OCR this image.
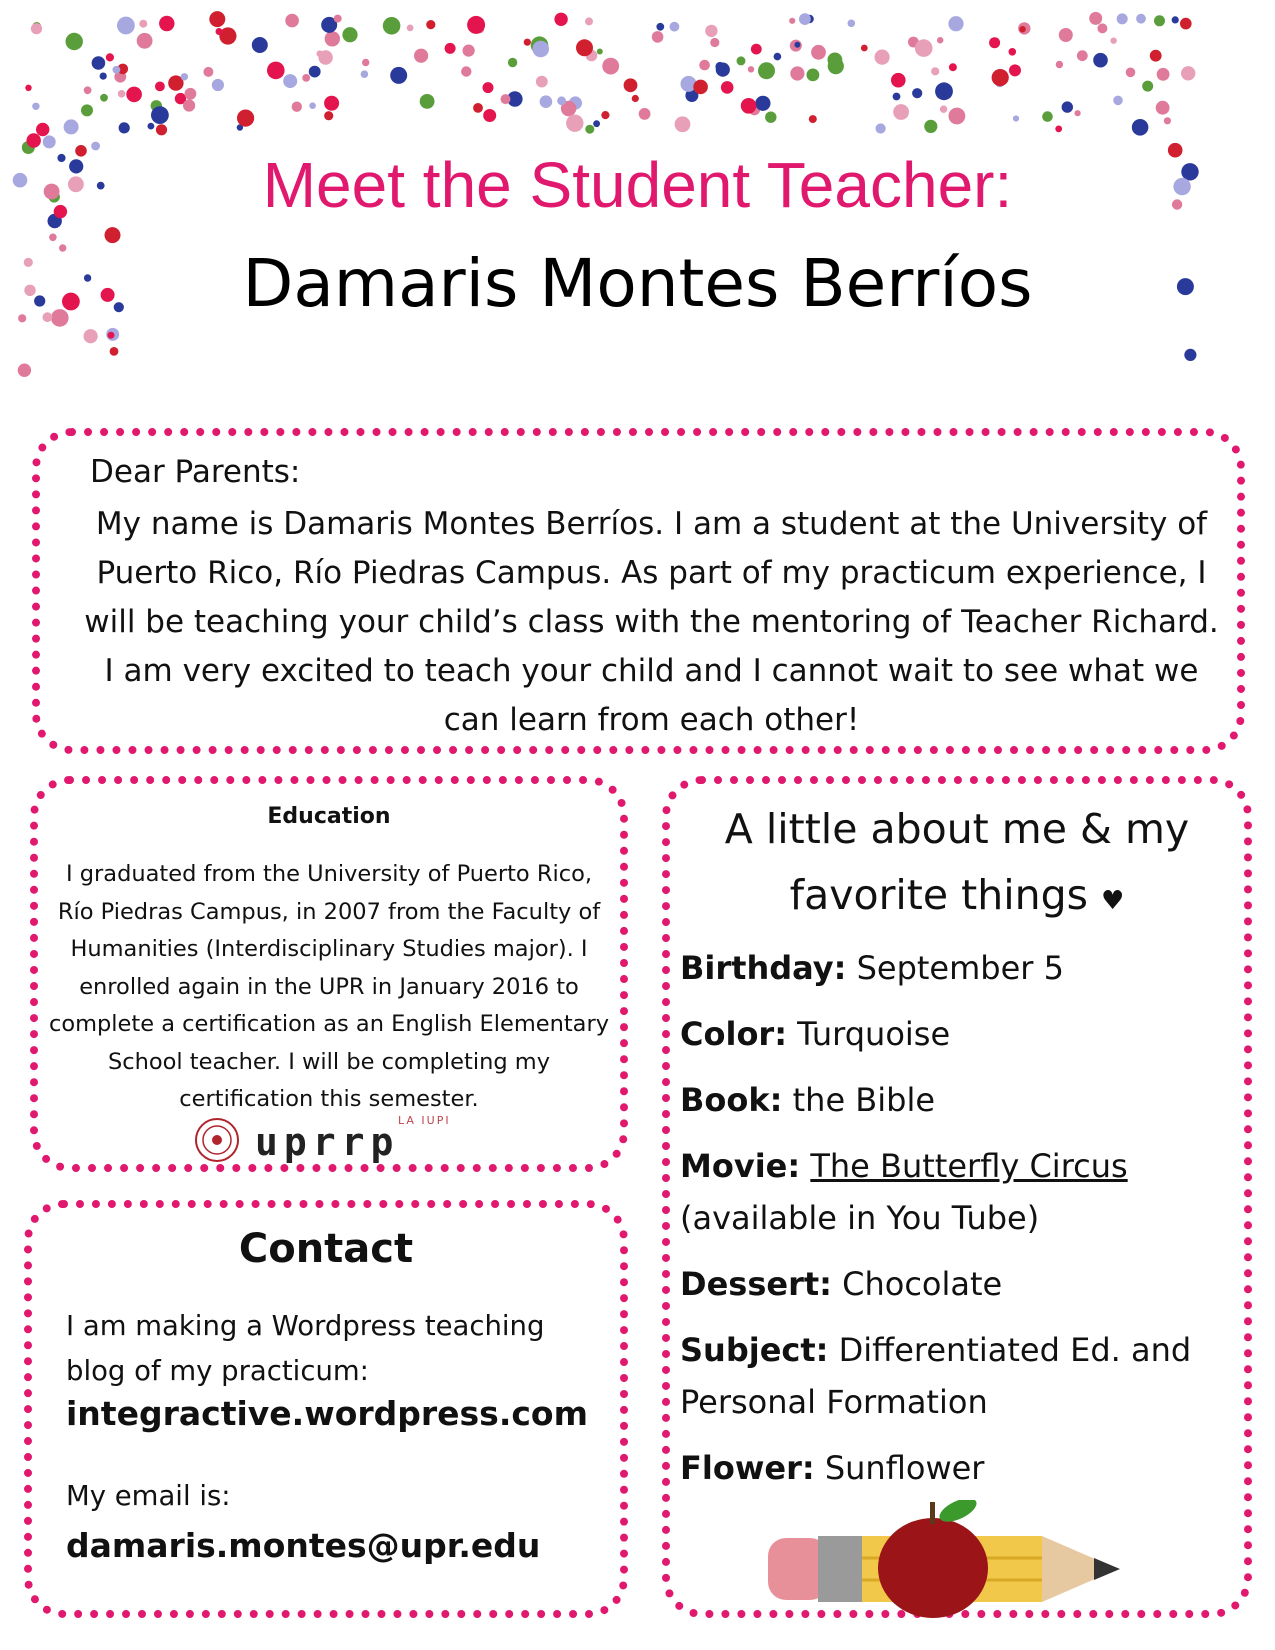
Meet the Student Teacher:
Damaris Montes Berríos
Dear Parents:
My name is Damaris Montes Berríos. I am a student at the University of Puerto Rico, Río Piedras Campus. As part of my practicum experience, I will be teaching your child’s class with the mentoring of Teacher Richard. I am very excited to teach your child and I cannot wait to see what we can learn from each other!
Education
I graduated from the University of Puerto Rico, Río Piedras Campus, in 2007 from the Faculty of Humanities (Interdisciplinary Studies major). I enrolled again in the UPR in January 2016 to complete a certification as an English Elementary School teacher. I will be completing my certification this semester.
LA IUPI
uprrp
Contact
I am making a Wordpress teaching blog of my practicum:
integractive.wordpress.com
My email is:
damaris.montes@upr.edu
A little about me & my
favorite things ♥
Birthday: September 5
Color: Turquoise
Book: the Bible
Movie: The Butterfly Circus
(available in You Tube)
Dessert: Chocolate
Subject: Differentiated Ed. and
Personal Formation
Flower: Sunflower
